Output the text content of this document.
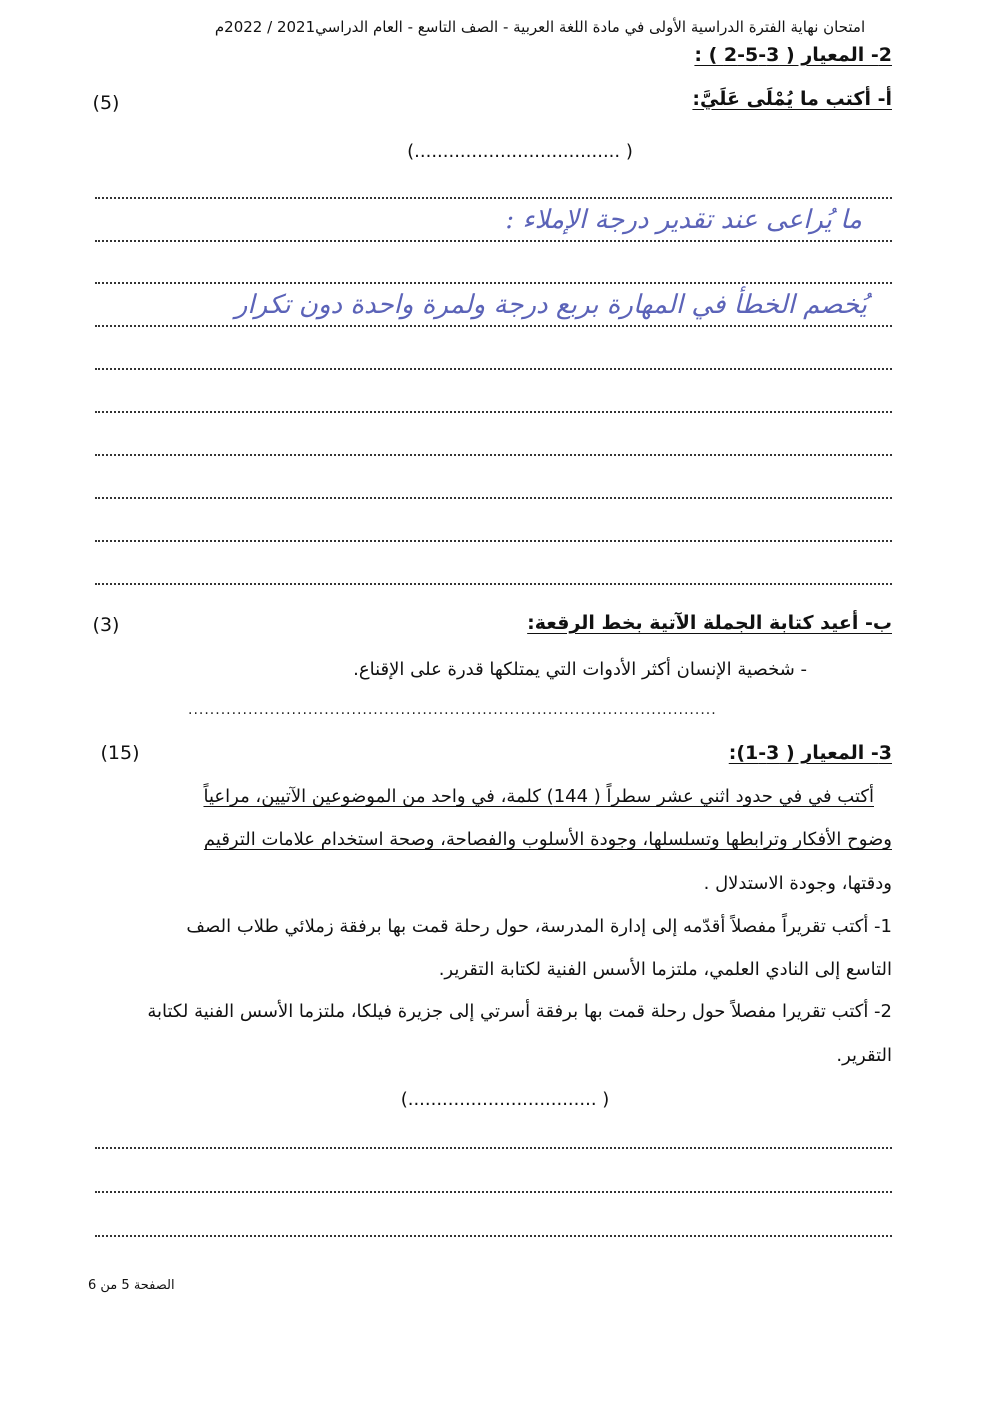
امتحان نهاية الفترة الدراسية الأولى في مادة اللغة العربية - الصف التاسع - العام الدراسي2021 / 2022م
2- المعيار ( 3-5-2 ) :
أ- أكتب ما يُمْلَى عَلَيَّ:
(5)
(.................................... )
ما يُراعى عند تقدير درجة الإملاء :
يُخصم الخطأ في المهارة بربع درجة ولمرة واحدة دون تكرار
ب- أعيد كتابة الجملة الآتية بخط الرقعة:
(3)
- شخصية الإنسان أكثر الأدوات التي يمتلكها قدرة على الإقناع.
.................................................................................................
3- المعيار ( 3-1):
(15)
أكتب في في حدود اثني عشر سطراً ( 144) كلمة، في واحد من الموضوعين الآتيين، مراعياً
وضوح الأفكار وترابطها وتسلسلها، وجودة الأسلوب والفصاحة، وصحة استخدام علامات الترقيم
ودقتها، وجودة الاستدلال .
1- أكتب تقريراً مفصلاً أقدّمه إلى إدارة المدرسة، حول رحلة قمت بها برفقة زملائي طلاب الصف
التاسع إلى النادي العلمي، ملتزما الأسس الفنية لكتابة التقرير.
2- أكتب تقريرا مفصلاً حول رحلة قمت بها برفقة أسرتي إلى جزيرة فيلكا، ملتزما الأسس الفنية لكتابة
التقرير.
(................................. )
الصفحة 5 من 6
